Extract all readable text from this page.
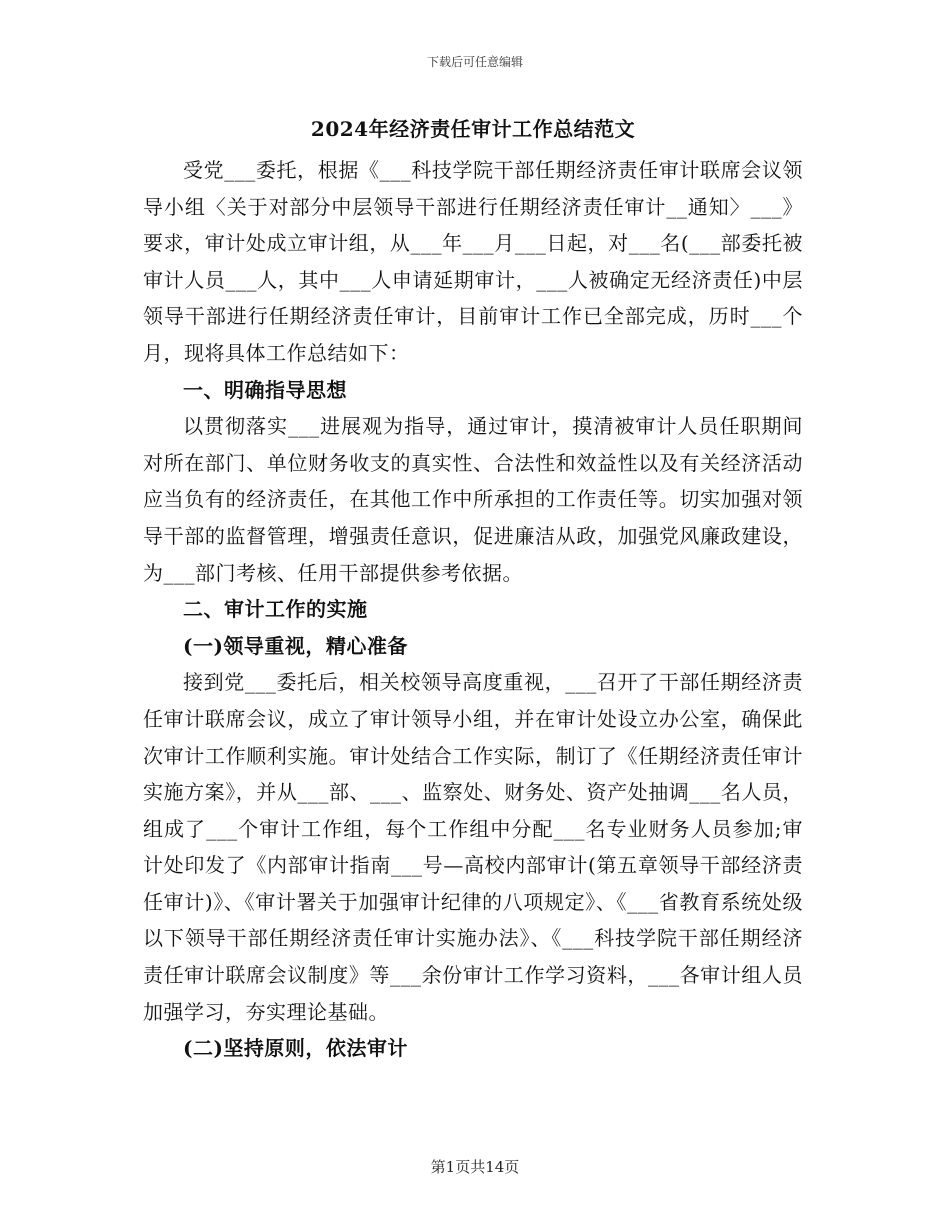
下载后可任意编辑
2024年经济责任审计工作总结范文

受党___委托，根据《___科技学院干部任期经济责任审计联席会议领导小组〈关于对部分中层领导干部进行任期经济责任审计__通知〉___》要求，审计处成立审计组，从___年___月___日起，对___名(___部委托被审计人员___人，其中___人申请延期审计，___人被确定无经济责任)中层领导干部进行任期经济责任审计，目前审计工作已全部完成，历时___个月，现将具体工作总结如下：

一、明确指导思想

以贯彻落实___进展观为指导，通过审计，摸清被审计人员任职期间对所在部门、单位财务收支的真实性、合法性和效益性以及有关经济活动应当负有的经济责任，在其他工作中所承担的工作责任等。切实加强对领导干部的监督管理，增强责任意识，促进廉洁从政，加强党风廉政建设，为___部门考核、任用干部提供参考依据。

二、审计工作的实施

(一)领导重视，精心准备

接到党___委托后，相关校领导高度重视，___召开了干部任期经济责任审计联席会议，成立了审计领导小组，并在审计处设立办公室，确保此次审计工作顺利实施。审计处结合工作实际，制订了《任期经济责任审计实施方案》，并从___部、___、监察处、财务处、资产处抽调___名人员，组成了___个审计工作组，每个工作组中分配___名专业财务人员参加;审计处印发了《内部审计指南___号—高校内部审计(第五章领导干部经济责任审计)》、《审计署关于加强审计纪律的八项规定》、《___省教育系统处级以下领导干部任期经济责任审计实施办法》、《___科技学院干部任期经济责任审计联席会议制度》等___余份审计工作学习资料，___各审计组人员加强学习，夯实理论基础。

(二)坚持原则，依法审计

第1页共14页
